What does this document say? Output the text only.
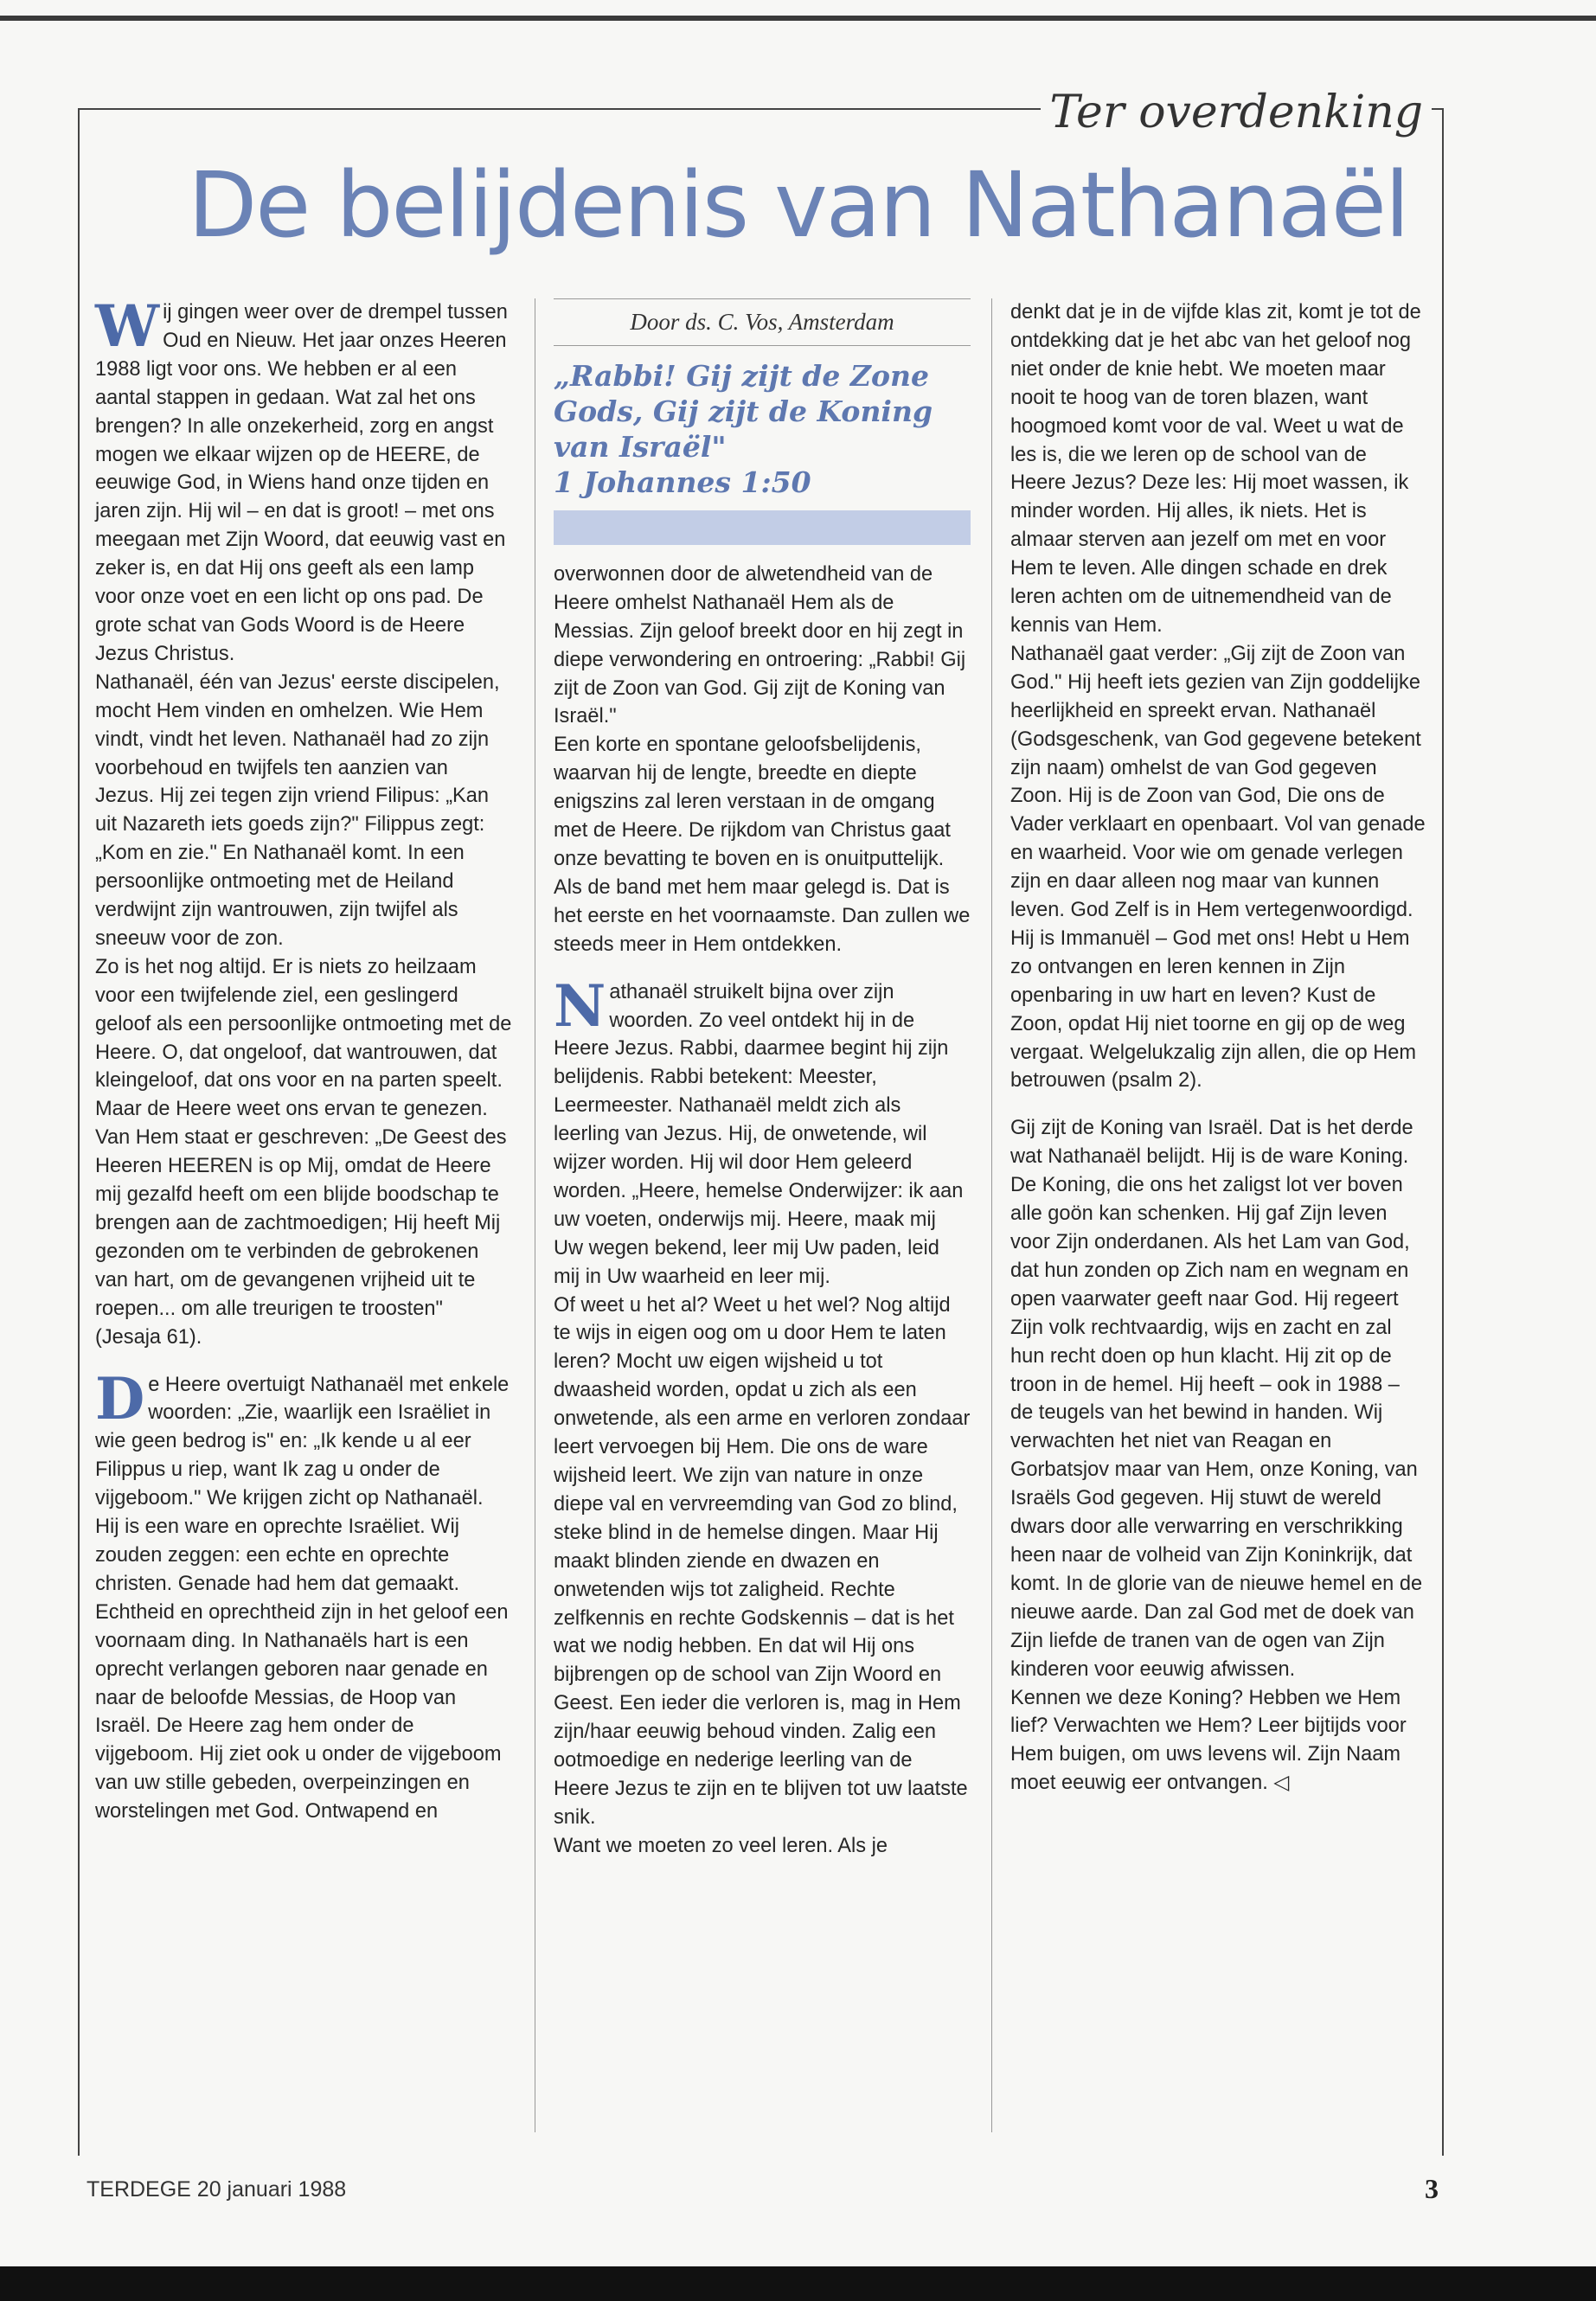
Ter overdenking
De belijdenis van Nathanaël

Wij gingen weer over de drempel tussen Oud en Nieuw. Het jaar onzes Heeren 1988 ligt voor ons. We hebben er al een aantal stappen in gedaan. Wat zal het ons brengen? In alle onzekerheid, zorg en angst mogen we elkaar wijzen op de HEERE, de eeuwige God, in Wiens hand onze tijden en jaren zijn. Hij wil – en dat is groot! – met ons meegaan met Zijn Woord, dat eeuwig vast en zeker is, en dat Hij ons geeft als een lamp voor onze voet en een licht op ons pad. De grote schat van Gods Woord is de Heere Jezus Christus.

Nathanaël, één van Jezus' eerste discipelen, mocht Hem vinden en omhelzen. Wie Hem vindt, vindt het leven. Nathanaël had zo zijn voorbehoud en twijfels ten aanzien van Jezus. Hij zei tegen zijn vriend Filipus: „Kan uit Nazareth iets goeds zijn?" Filippus zegt: „Kom en zie." En Nathanaël komt. In een persoonlijke ontmoeting met de Heiland verdwijnt zijn wantrouwen, zijn twijfel als sneeuw voor de zon.

Zo is het nog altijd. Er is niets zo heilzaam voor een twijfelende ziel, een geslingerd geloof als een persoonlijke ontmoeting met de Heere. O, dat ongeloof, dat wantrouwen, dat kleingeloof, dat ons voor en na parten speelt. Maar de Heere weet ons ervan te genezen. Van Hem staat er geschreven: „De Geest des Heeren HEEREN is op Mij, omdat de Heere mij gezalfd heeft om een blijde boodschap te brengen aan de zachtmoedigen; Hij heeft Mij gezonden om te verbinden de gebrokenen van hart, om de gevangenen vrijheid uit te roepen... om alle treurigen te troosten" (Jesaja 61).

De Heere overtuigt Nathanaël met enkele woorden: „Zie, waarlijk een Israëliet in wie geen bedrog is" en: „Ik kende u al eer Filippus u riep, want Ik zag u onder de vijgeboom." We krijgen zicht op Nathanaël. Hij is een ware en oprechte Israëliet. Wij zouden zeggen: een echte en oprechte christen. Genade had hem dat gemaakt. Echtheid en oprechtheid zijn in het geloof een voornaam ding. In Nathanaëls hart is een oprecht verlangen geboren naar genade en naar de beloofde Messias, de Hoop van Israël. De Heere zag hem onder de vijgeboom. Hij ziet ook u onder de vijgeboom van uw stille gebeden, overpeinzingen en worstelingen met God. Ontwapend en

Door ds. C. Vos, Amsterdam
„Rabbi! Gij zijt de Zone Gods, Gij zijt de Koning van Israël"
1 Johannes 1:50

overwonnen door de alwetendheid van de Heere omhelst Nathanaël Hem als de Messias. Zijn geloof breekt door en hij zegt in diepe verwondering en ontroering: „Rabbi! Gij zijt de Zoon van God. Gij zijt de Koning van Israël."

Een korte en spontane geloofsbelijdenis, waarvan hij de lengte, breedte en diepte enigszins zal leren verstaan in de omgang met de Heere. De rijkdom van Christus gaat onze bevatting te boven en is onuitputtelijk. Als de band met hem maar gelegd is. Dat is het eerste en het voornaamste. Dan zullen we steeds meer in Hem ontdekken.

Nathanaël struikelt bijna over zijn woorden. Zo veel ontdekt hij in de Heere Jezus. Rabbi, daarmee begint hij zijn belijdenis. Rabbi betekent: Meester, Leermeester. Nathanaël meldt zich als leerling van Jezus. Hij, de onwetende, wil wijzer worden. Hij wil door Hem geleerd worden. „Heere, hemelse Onderwijzer: ik aan uw voeten, onderwijs mij. Heere, maak mij Uw wegen bekend, leer mij Uw paden, leid mij in Uw waarheid en leer mij.

Of weet u het al? Weet u het wel? Nog altijd te wijs in eigen oog om u door Hem te laten leren? Mocht uw eigen wijsheid u tot dwaasheid worden, opdat u zich als een onwetende, als een arme en verloren zondaar leert vervoegen bij Hem. Die ons de ware wijsheid leert. We zijn van nature in onze diepe val en vervreemding van God zo blind, steke blind in de hemelse dingen. Maar Hij maakt blinden ziende en dwazen en onwetenden wijs tot zaligheid. Rechte zelfkennis en rechte Godskennis – dat is het wat we nodig hebben. En dat wil Hij ons bijbrengen op de school van Zijn Woord en Geest. Een ieder die verloren is, mag in Hem zijn/haar eeuwig behoud vinden. Zalig een ootmoedige en nederige leerling van de Heere Jezus te zijn en te blijven tot uw laatste snik.

Want we moeten zo veel leren. Als je

denkt dat je in de vijfde klas zit, komt je tot de ontdekking dat je het abc van het geloof nog niet onder de knie hebt. We moeten maar nooit te hoog van de toren blazen, want hoogmoed komt voor de val. Weet u wat de les is, die we leren op de school van de Heere Jezus? Deze les: Hij moet wassen, ik minder worden. Hij alles, ik niets. Het is almaar sterven aan jezelf om met en voor Hem te leven. Alle dingen schade en drek leren achten om de uitnemendheid van de kennis van Hem.

Nathanaël gaat verder: „Gij zijt de Zoon van God." Hij heeft iets gezien van Zijn goddelijke heerlijkheid en spreekt ervan. Nathanaël (Godsgeschenk, van God gegevene betekent zijn naam) omhelst de van God gegeven Zoon. Hij is de Zoon van God, Die ons de Vader verklaart en openbaart. Vol van genade en waarheid. Voor wie om genade verlegen zijn en daar alleen nog maar van kunnen leven. God Zelf is in Hem vertegenwoordigd. Hij is Immanuël – God met ons! Hebt u Hem zo ontvangen en leren kennen in Zijn openbaring in uw hart en leven? Kust de Zoon, opdat Hij niet toorne en gij op de weg vergaat. Welgelukzalig zijn allen, die op Hem betrouwen (psalm 2).

Gij zijt de Koning van Israël. Dat is het derde wat Nathanaël belijdt. Hij is de ware Koning. De Koning, die ons het zaligst lot ver boven alle goön kan schenken. Hij gaf Zijn leven voor Zijn onderdanen. Als het Lam van God, dat hun zonden op Zich nam en wegnam en open vaarwater geeft naar God. Hij regeert Zijn volk rechtvaardig, wijs en zacht en zal hun recht doen op hun klacht. Hij zit op de troon in de hemel. Hij heeft – ook in 1988 – de teugels van het bewind in handen. Wij verwachten het niet van Reagan en Gorbatsjov maar van Hem, onze Koning, van Israëls God gegeven. Hij stuwt de wereld dwars door alle verwarring en verschrikking heen naar de volheid van Zijn Koninkrijk, dat komt. In de glorie van de nieuwe hemel en de nieuwe aarde. Dan zal God met de doek van Zijn liefde de tranen van de ogen van Zijn kinderen voor eeuwig afwissen.

Kennen we deze Koning? Hebben we Hem lief? Verwachten we Hem? Leer bijtijds voor Hem buigen, om uws levens wil. Zijn Naam moet eeuwig eer ontvangen. ◁

TERDEGE 20 januari 1988	3
